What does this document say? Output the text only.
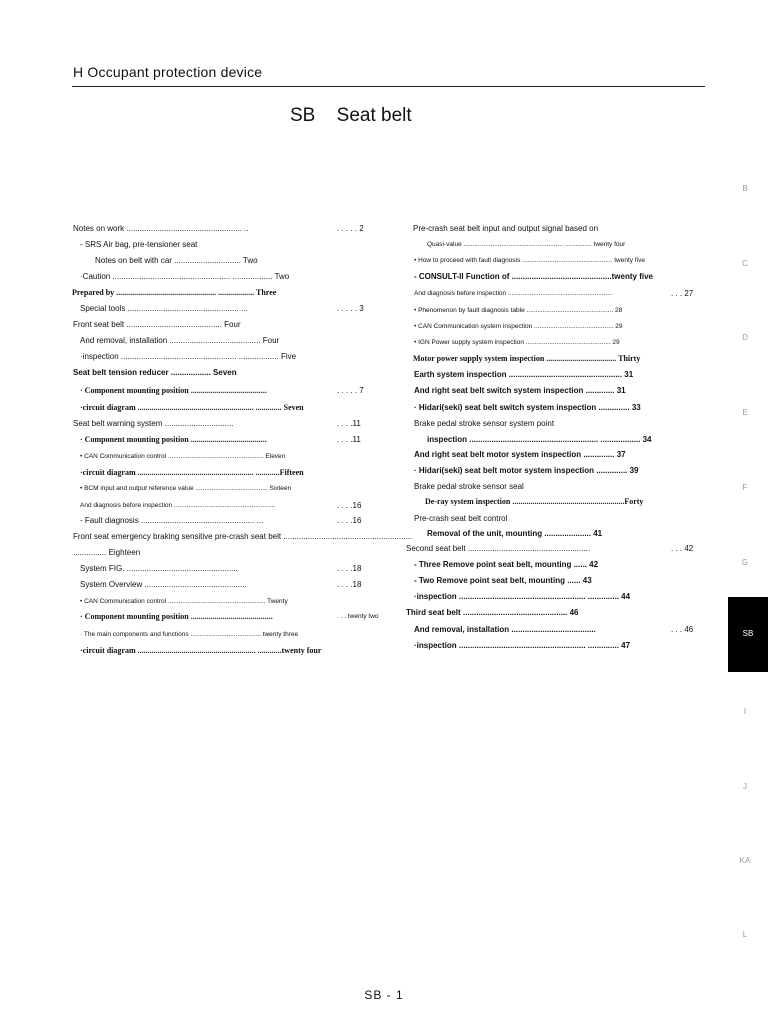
H Occupant protection device
SB Seat belt
Notes on work .................................................... ..	. . . . . 2
- SRS Air bag, pre-tensioner seat
Notes on belt with car .............................. Two
·Caution ..................................................... .................. Two
Prepared by .................................................. .................. Three
Special tools .................................................. ...	. . . . . 3
Front seat belt ........................................... Four
And removal, installation ......................................... Four
·inspection .................................................... .................. Five
Seat belt tension reducer .................. Seven
· Component mounting position ......................................	. . . . . 7
·circuit diagram .......................................................... ............. Seven
Seat belt warning system ...............................	. . . .11
· Component mounting position ......................................	. . . .11
• CAN Communication control ..................................................... Eleven
·circuit diagram .......................................................... ............Fifteen
• BCM input and output reference value ........................................ Sixteen
And diagnosis before inspection ........................................................	. . . .16
- Fault diagnosis ................................................... ...	. . . .16
Front seat emergency braking sensitive pre-crash seat belt ..........................................................
............... Eighteen
System FIG. ..................................................	. . . .18
System Overview ..............................................	. . . .18
• CAN Communication control ...................................................... Twenty
· Component mounting position .........................................	. . . twenty two
· The main components and functions ....................................... twenty three
·circuit diagram ........................................................... ............twenty four
Pre-crash seat belt input and output signal based on
Quasi-value ....................................................... ............... twenty four
• How to proceed with fault diagnosis .................................................. twenty five
- CONSULT-II Function of .............................................twenty five
And diagnosis before inspection ..........................................................	. . . 27
• Phenomenon by fault diagnosis table ................................................ 28
• CAN Communication system inspection ............................................ 29
• IGN Power supply system inspection ............................................... 29
Motor power supply system inspection ................................... Thirty
Earth system inspection ................................................... 31
And right seat belt switch system inspection ............. 31
· Hidari(seki) seat belt switch system inspection .............. 33
Brake pedal stroke sensor system point
inspection .......................................................... .................. 34
And right seat belt motor system inspection .............. 37
· Hidari(seki) seat belt motor system inspection .............. 39
Brake pedal stroke sensor seal
De-ray system inspection ........................................................Forty
Pre-crash seat belt control
Removal of the unit, mounting ..................... 41
Second seat belt .......................................................	. . . 42
- Three Remove point seat belt, mounting ...... 42
- Two Remove point seat belt, mounting ...... 43
·inspection ......................................................... .............. 44
Third seat belt ............................................... 46
And removal, installation ......................................	. . . 46
·inspection ......................................................... .............. 47
B
C
D
E
F
G
SB
I
J
KA
L
SB - 1
